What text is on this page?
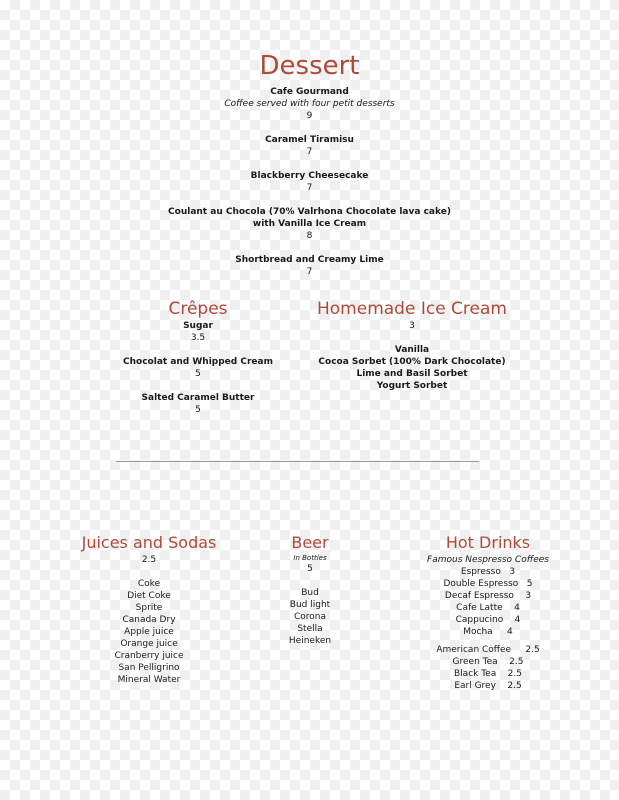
Dessert
Cafe Gourmand
Coffee served with four petit desserts
9
Caramel Tiramisu
7
Blackberry Cheesecake
7
Coulant au Chocola (70% Valrhona Chocolate lava cake)
with Vanilla Ice Cream
8
Shortbread and Creamy Lime
7
Crêpes
Sugar
3.5
Chocolat and Whipped Cream
5
Salted Caramel Butter
5
Homemade Ice Cream
3
Vanilla
Cocoa Sorbet (100% Dark Chocolate)
Lime and Basil Sorbet
Yogurt Sorbet
Juices and Sodas
2.5
Coke
Diet Coke
Sprite
Canada Dry
Apple juice
Orange juice
Cranberry juice
San Pelligrino
Mineral Water
Beer
In Bottles
5
Bud
Bud light
Corona
Stella
Heineken
Hot Drinks
Famous Nespresso Coffees
Espresso   3
Double Espresso   5
Decaf Espresso    3
Cafe Latte    4
Cappucino    4
Mocha     4
American Coffee     2.5
Green Tea    2.5
Black Tea    2.5
Earl Grey    2.5
